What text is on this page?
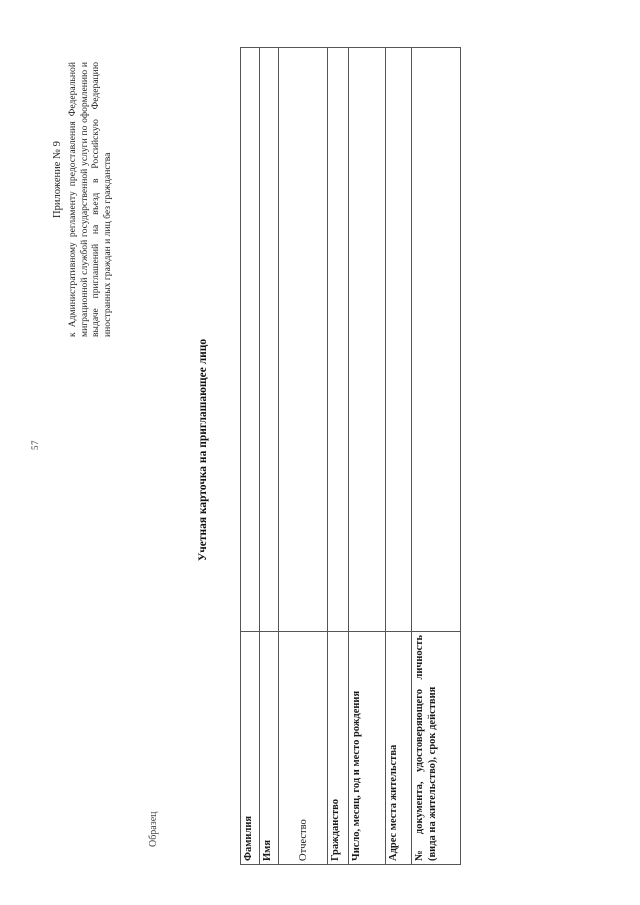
57
Приложение № 9 к Административному регламенту предоставления Федеральной миграционной службой государственной услуги по оформлению и выдаче приглашений на въезд в Российскую Федерацию иностранных граждан и лиц без гражданства
Учетная карточка на приглашающее лицо
Фамилия	
Имя	
Отчество	
Гражданство	
Число, месяц, год и место рождения	
Адрес места жительства	
№ документа, удостоверяющего личность (вида на жительство), срок действия	
Образец
